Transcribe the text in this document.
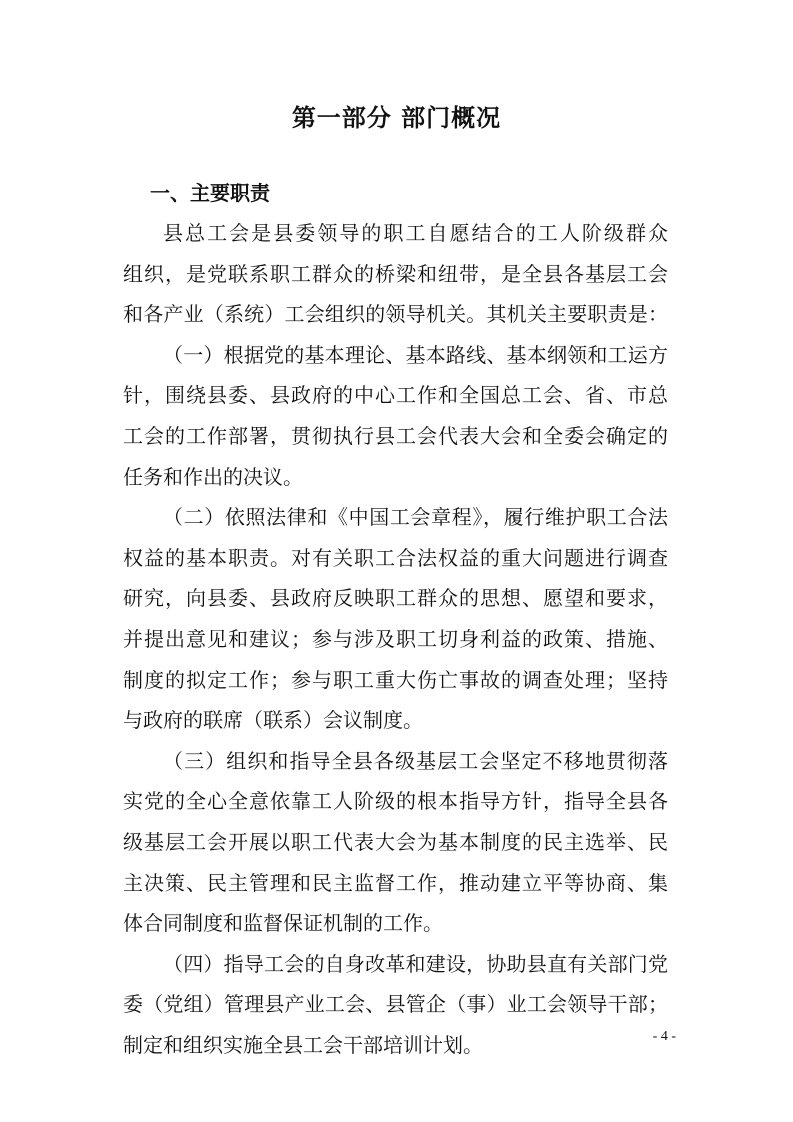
第一部分 部门概况
一、主要职责
县总工会是县委领导的职工自愿结合的工人阶级群众
组织，是党联系职工群众的桥梁和纽带，是全县各基层工会
和各产业（系统）工会组织的领导机关。其机关主要职责是：
（一）根据党的基本理论、基本路线、基本纲领和工运方
针，围绕县委、县政府的中心工作和全国总工会、省、市总
工会的工作部署，贯彻执行县工会代表大会和全委会确定的
任务和作出的决议。
（二）依照法律和《中国工会章程》，履行维护职工合法
权益的基本职责。对有关职工合法权益的重大问题进行调查
研究，向县委、县政府反映职工群众的思想、愿望和要求，
并提出意见和建议；参与涉及职工切身利益的政策、措施、
制度的拟定工作；参与职工重大伤亡事故的调查处理；坚持
与政府的联席（联系）会议制度。
（三）组织和指导全县各级基层工会坚定不移地贯彻落
实党的全心全意依靠工人阶级的根本指导方针，指导全县各
级基层工会开展以职工代表大会为基本制度的民主选举、民
主决策、民主管理和民主监督工作，推动建立平等协商、集
体合同制度和监督保证机制的工作。
（四）指导工会的自身改革和建设，协助县直有关部门党
委（党组）管理县产业工会、县管企（事）业工会领导干部；
制定和组织实施全县工会干部培训计划。	- 4 -
